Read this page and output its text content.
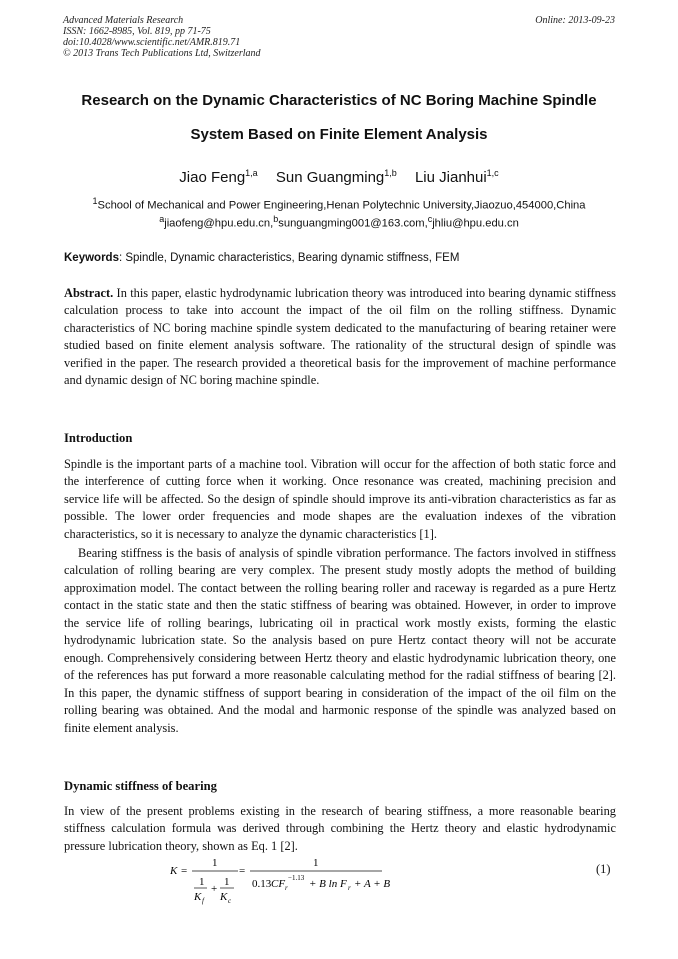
Advanced Materials Research
ISSN: 1662-8985, Vol. 819, pp 71-75
doi:10.4028/www.scientific.net/AMR.819.71
© 2013 Trans Tech Publications Ltd, Switzerland
Online: 2013-09-23
Research on the Dynamic Characteristics of NC Boring Machine Spindle
System Based on Finite Element Analysis
Jiao Feng$^{1,a}$ Sun Guangming$^{1,b}$ Liu Jianhui$^{1,c}$
$^1$School of Mechanical and Power Engineering,Henan Polytechnic University,Jiaozuo,454000,China
$^a$jiaofeng@hpu.edu.cn,$^b$sunguangming001@163.com,$^c$jhliu@hpu.edu.cn
Keywords: Spindle, Dynamic characteristics, Bearing dynamic stiffness, FEM

Abstract. In this paper, elastic hydrodynamic lubrication theory was introduced into bearing dynamic stiffness calculation process to take into account the impact of the oil film on the rolling stiffness. Dynamic characteristics of NC boring machine spindle system dedicated to the manufacturing of bearing retainer were studied based on finite element analysis software. The rationality of the structural design of spindle was verified in the paper. The research provided a theoretical basis for the improvement of machine performance and dynamic design of NC boring machine spindle.

Introduction

Spindle is the important parts of a machine tool. Vibration will occur for the affection of both static force and the interference of cutting force when it working. Once resonance was created, machining precision and service life will be affected. So the design of spindle should improve its anti-vibration characteristics as far as possible. The lower order frequencies and mode shapes are the evaluation indexes of the vibration characteristics, so it is necessary to analyze the dynamic characteristics [1].

Bearing stiffness is the basis of analysis of spindle vibration performance. The factors involved in stiffness calculation of rolling bearing are very complex. The present study mostly adopts the method of building approximation model. The contact between the rolling bearing roller and raceway is regarded as a pure Hertz contact in the static state and then the static stiffness of bearing was obtained. However, in order to improve the service life of rolling bearings, lubricating oil in practical work mostly exists, forming the elastic hydrodynamic lubrication state. So the analysis based on pure Hertz contact theory will not be accurate enough. Comprehensively considering between Hertz theory and elastic hydrodynamic lubrication theory, one of the references has put forward a more reasonable calculating method for the radial stiffness of bearing [2]. In this paper, the dynamic stiffness of support bearing in consideration of the impact of the oil film on the rolling bearing was obtained. And the modal and harmonic response of the spindle was analyzed based on finite element analysis.

Dynamic stiffness of bearing

In view of the present problems existing in the research of bearing stiffness, a more reasonable bearing stiffness calculation formula was derived through combining the Hertz theory and elastic hydrodynamic pressure lubrication theory, shown as Eq. 1 [2].

K =
1
1
K f
+
1
K c
=
1
0.13 CF r
−1.13 + B ln F r + A + B
(1)
